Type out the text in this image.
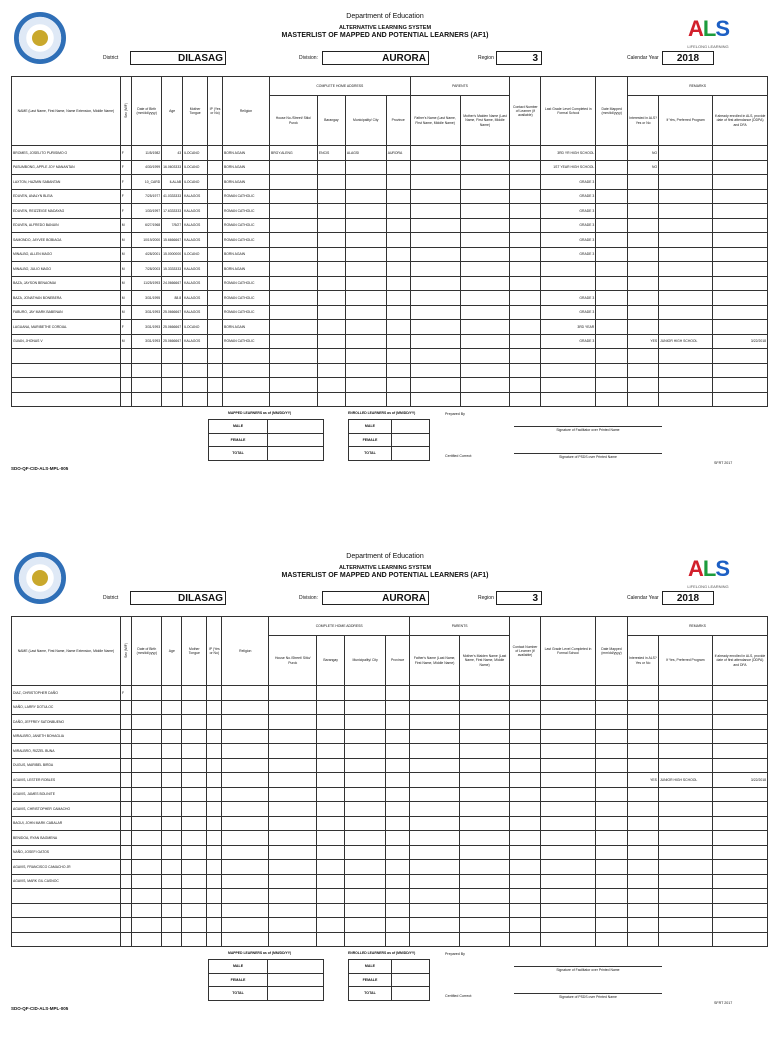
ALS
LIFELONG LEARNING
Department of Education
ALTERNATIVE LEARNING SYSTEM
MASTERLIST OF MAPPED AND POTENTIAL LEARNERS (AF1)
District	DILASAG	Division:	AURORA	Region	3	Calendar Year	2018
NAME (Last Name, First Name, Name Extension, Middle Name)	Sex (M/F)	Date of Birth (mm/dd/yyyy)	Age	Mother Tongue	IP (Yes or No)	Religion	COMPLETE HOME ADDRESS				PARENTS		Contact Number of Learner (if available)	Last Grade Level Completed in Formal School	Date Mapped (mm/dd/yyyy)	REMARKS		
							House No./Street/ Sitio/ Purok	Barangay	Municipality/ City	Province	Father's Name (Last Name, First Name, Middle Name)	Mother's Maiden Name (Last Name, First Name, Middle Name)				Interested in ALS? Yes or No	If Yes, Preferred Program	If already enrolled in ALS, provide date of first attendance (DDPA) and DFA
BROMES, JOSELITO PURISIMO O	F	11/5/1982	43	ILOCANO		BORN AGAIN	BRGY.ALENG	ENCIS	ALAGSI	AURORA				3RD YR HIGH SCHOOL		NO		
PASUMBONG, APPLE JOY MANANTAN	F	4/30/1999	16.0603333	ILOCANO		BORN AGAIN								1ST YEAR HIGH SCHOOL		NO		
LAXTON, HAZMIN SABANTAN	F	10_CARD	ILALAB	ILOCANO		BORN AGAIN								GRADE 3				
EDUVEN, ANALYN BLEIA	F	7/25/1977	41.0333333	KALAGOS		ROMAN CATHOLIC								GRADE 3				
EDUVEN, REIZZEIGE MADAYAG	F	1/30/1997	17.6333333	KALAGOS		ROMAN CATHOLIC								GRADE 3				
EDUVEN, ALFREDO BANUIN	M	6/27/1968	7/5/27	KALAGOS		ROMAN CATHOLIC								GRADE 3				
SAMONDO, JAYVEE BOBIAGA	M	10/19/2000	15.6666667	KALAGOS		ROMAN CATHOLIC								GRADE 3				
MINALBO, ALLEN MAGO	M	4/28/2001	15.0000000	ILOCANO		BORN AGAIN								GRADE 3				
MINALBO, JULIO MAGO	M	7/28/2003	15.3333333	KALAGOS		BORN AGAIN												
BAZA, JAYSON BENAOMAI	M	11/25/1993	24.0666667	KALAGOS		ROMAN CATHOLIC												
BAZA, JONATHAN BONEBERA	M	3/31/1995	88.8	KALAGOS		ROMAN CATHOLIC								GRADE 3				
FABURO, JAY MARK BABENAN	M	3/31/1993	25.0666667	KALAGOS		ROMAN CATHOLIC								GRADE 3				
LAGUANA, MARIBETHE CORDIAL	F	3/31/1993	25.0666667	ILOCANO		BORN AGAIN								3RD YEAR				
GUIAN, JHONAS V	M	3/31/1993	25.0666667	KALAGOS		ROMAN CATHOLIC								GRADE 3		YES	JUNIOR HIGH SCHOOL	3/22/2018

MAPPED LEARNERS as of (MM/DD/YY)
MALE	
FEMALE	
TOTAL	
ENROLLED LEARNERS as of (MM/DD/YY)
MALE	
FEMALE	
TOTAL	
Prepared By
Signature of Facilitator over Printed Name
Certified Correct:	Signature of PSDS over Printed Name
SDO-QF-CID-ALS-MPL-005
SFRT 2017
ALS
LIFELONG LEARNING
Department of Education
ALTERNATIVE LEARNING SYSTEM
MASTERLIST OF MAPPED AND POTENTIAL LEARNERS (AF1)
District	DILASAG	Division:	AURORA	Region	3	Calendar Year	2018
NAME (Last Name, First Name, Name Extension, Middle Name)	Sex (M/F)	Date of Birth (mm/dd/yyyy)	Age	Mother Tongue	IP (Yes or No)	Religion	COMPLETE HOME ADDRESS				PARENTS		Contact Number of Learner (if available)	Last Grade Level Completed in Formal School	Date Mapped (mm/dd/yyyy)	REMARKS		
							House No./Street/ Sitio/ Purok	Barangay	Municipality/ City	Province	Father's Name (Last Name, First Name, Middle Name)	Mother's Maiden Name (Last Name, First Name, Middle Name)				Interested in ALS? Yes or No	If Yes, Preferred Program	If already enrolled in ALS, provide date of first attendance (DDPA) and DFA
DIAZ, CHRISTOPHER DAÑO	F																	
NAÑO, LARRY DOTULOC																		
DAÑO, JEFFREY SATONBUENO																		
MIRALBRO, JANETH BOHAGLIA																		
MIRALBRO, RIZZEL BUNA																		
DUGUS, MARIBEL BIRDA																		
AGAVIS, LESTER ROBLES																YES	JUNIOR HIGH SCHOOL	3/22/2018
AGAVIS, JAMES BOLINITE																		
AGAVIS, CHRISTOPHER CAMACHO																		
BAGUI, JOHN MARK CABALAR																		
BENIDOA, RYAN BAGMENA																		
NAÑO, JOSEFI GATOS																		
AGAVIS, FRANCISCO CAMACHO JR																		
AGAVIS, MARK GIL CASNOC																		

MAPPED LEARNERS as of (MM/DD/YY)
MALE	
FEMALE	
TOTAL	
ENROLLED LEARNERS as of (MM/DD/YY)
MALE	
FEMALE	
TOTAL	
Prepared By
Signature of Facilitator over Printed Name
Certified Correct:	Signature of PSDS over Printed Name
SDO-QF-CID-ALS-MPL-005
SFRT 2017
